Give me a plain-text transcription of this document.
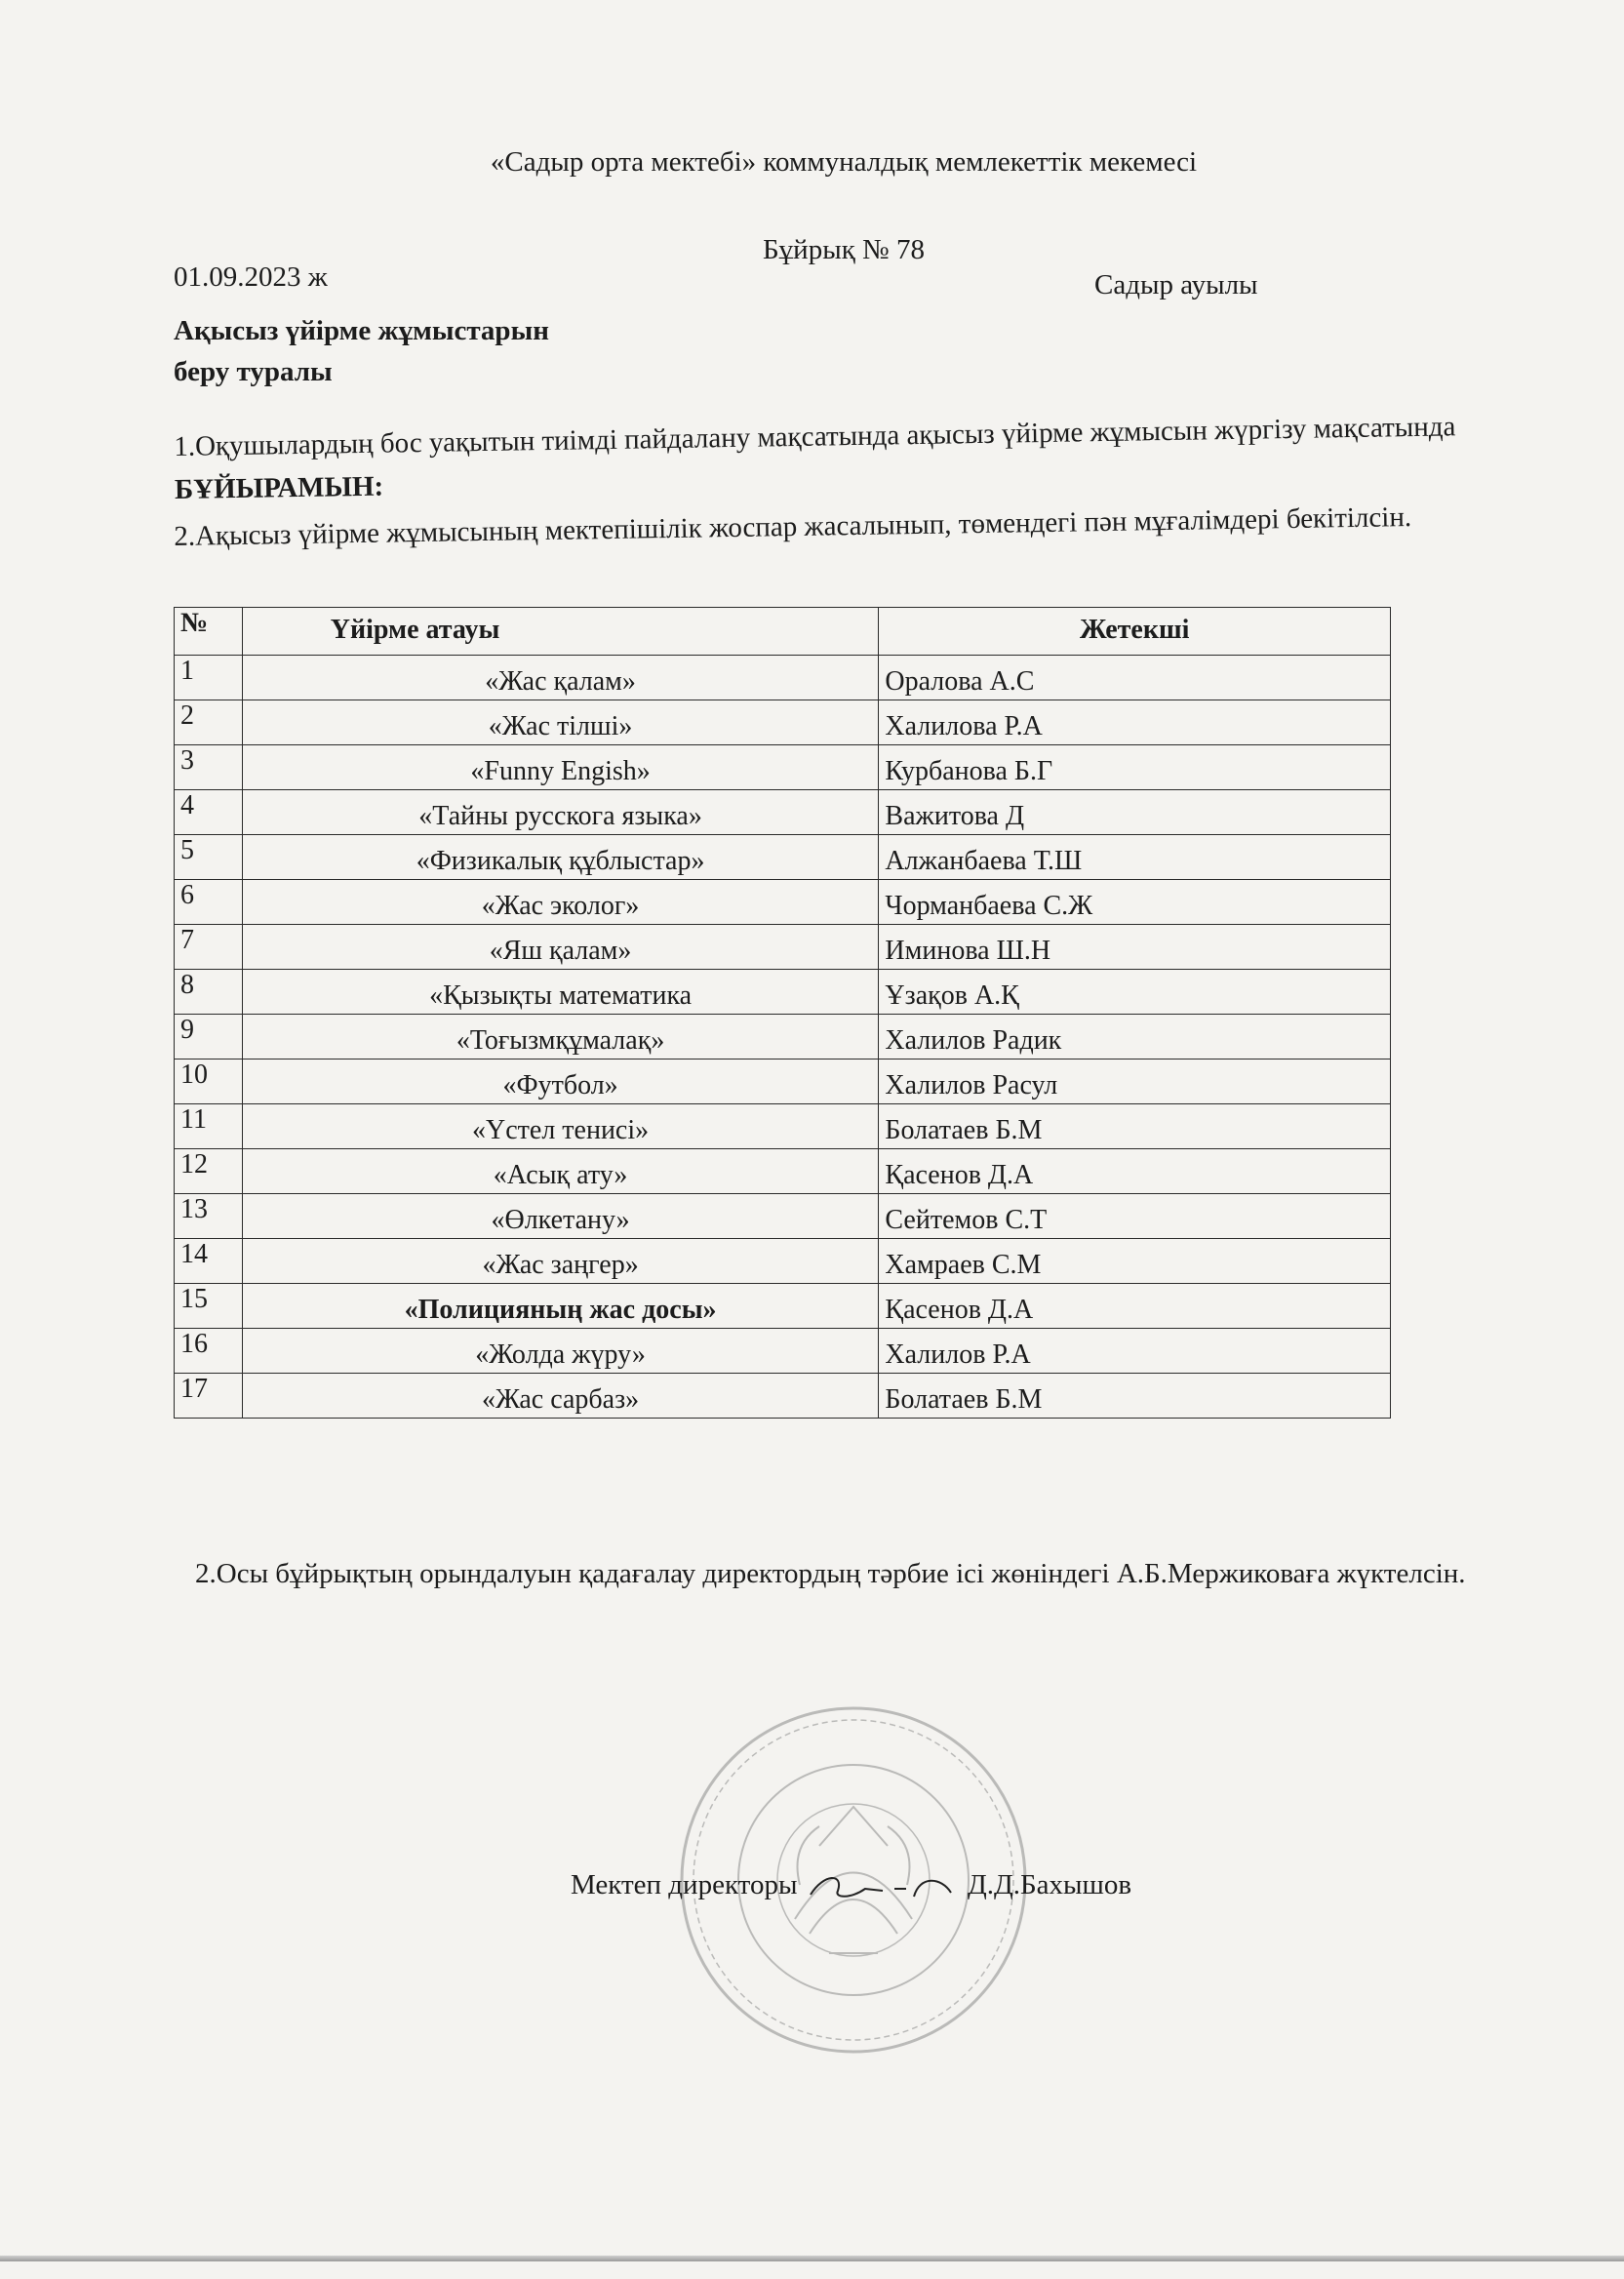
«Садыр орта мектебі» коммуналдық мемлекеттік мекемесі
Бұйрық № 78
01.09.2023 ж	Садыр ауылы
Ақысыз үйірме жұмыстарын
беру туралы
1.Оқушылардың бос уақытын тиімді пайдалану мақсатында ақысыз үйірме жұмысын жүргізу мақсатында БҰЙЫРАМЫН:
2.Ақысыз үйірме жұмысының мектепішілік жоспар жасалынып, төмендегі пән мұғалімдері бекітілсін.
№	Үйірме атауы	Жетекші
1	«Жас қалам»	Оралова А.С
2	«Жас тілші»	Халилова Р.А
3	«Funny Engish»	Курбанова Б.Г
4	«Тайны русскога языка»	Важитова Д
5	«Физикалық құблыстар»	Алжанбаева Т.Ш
6	«Жас эколог»	Чорманбаева С.Ж
7	«Яш қалам»	Иминова Ш.Н
8	«Қызықты математика	Ұзақов А.Қ
9	«Тоғызмқұмалақ»	Халилов Радик
10	«Футбол»	Халилов Расул
11	«Үстел тенисі»	Болатаев Б.М
12	«Асық ату»	Қасенов Д.А
13	«Өлкетану»	Сейтемов С.Т
14	«Жас заңгер»	Хамраев С.М
15	«Полицияның жас досы»	Қасенов Д.А
16	«Жолда жүру»	Халилов Р.А
17	«Жас сарбаз»	Болатаев Б.М
2.Осы бұйрықтың орындалуын қадағалау директордың тәрбие ісі жөніндегі А.Б.Мержиковаға жүктелсін.
Мектеп директоры	Д.Д.Бахышов
